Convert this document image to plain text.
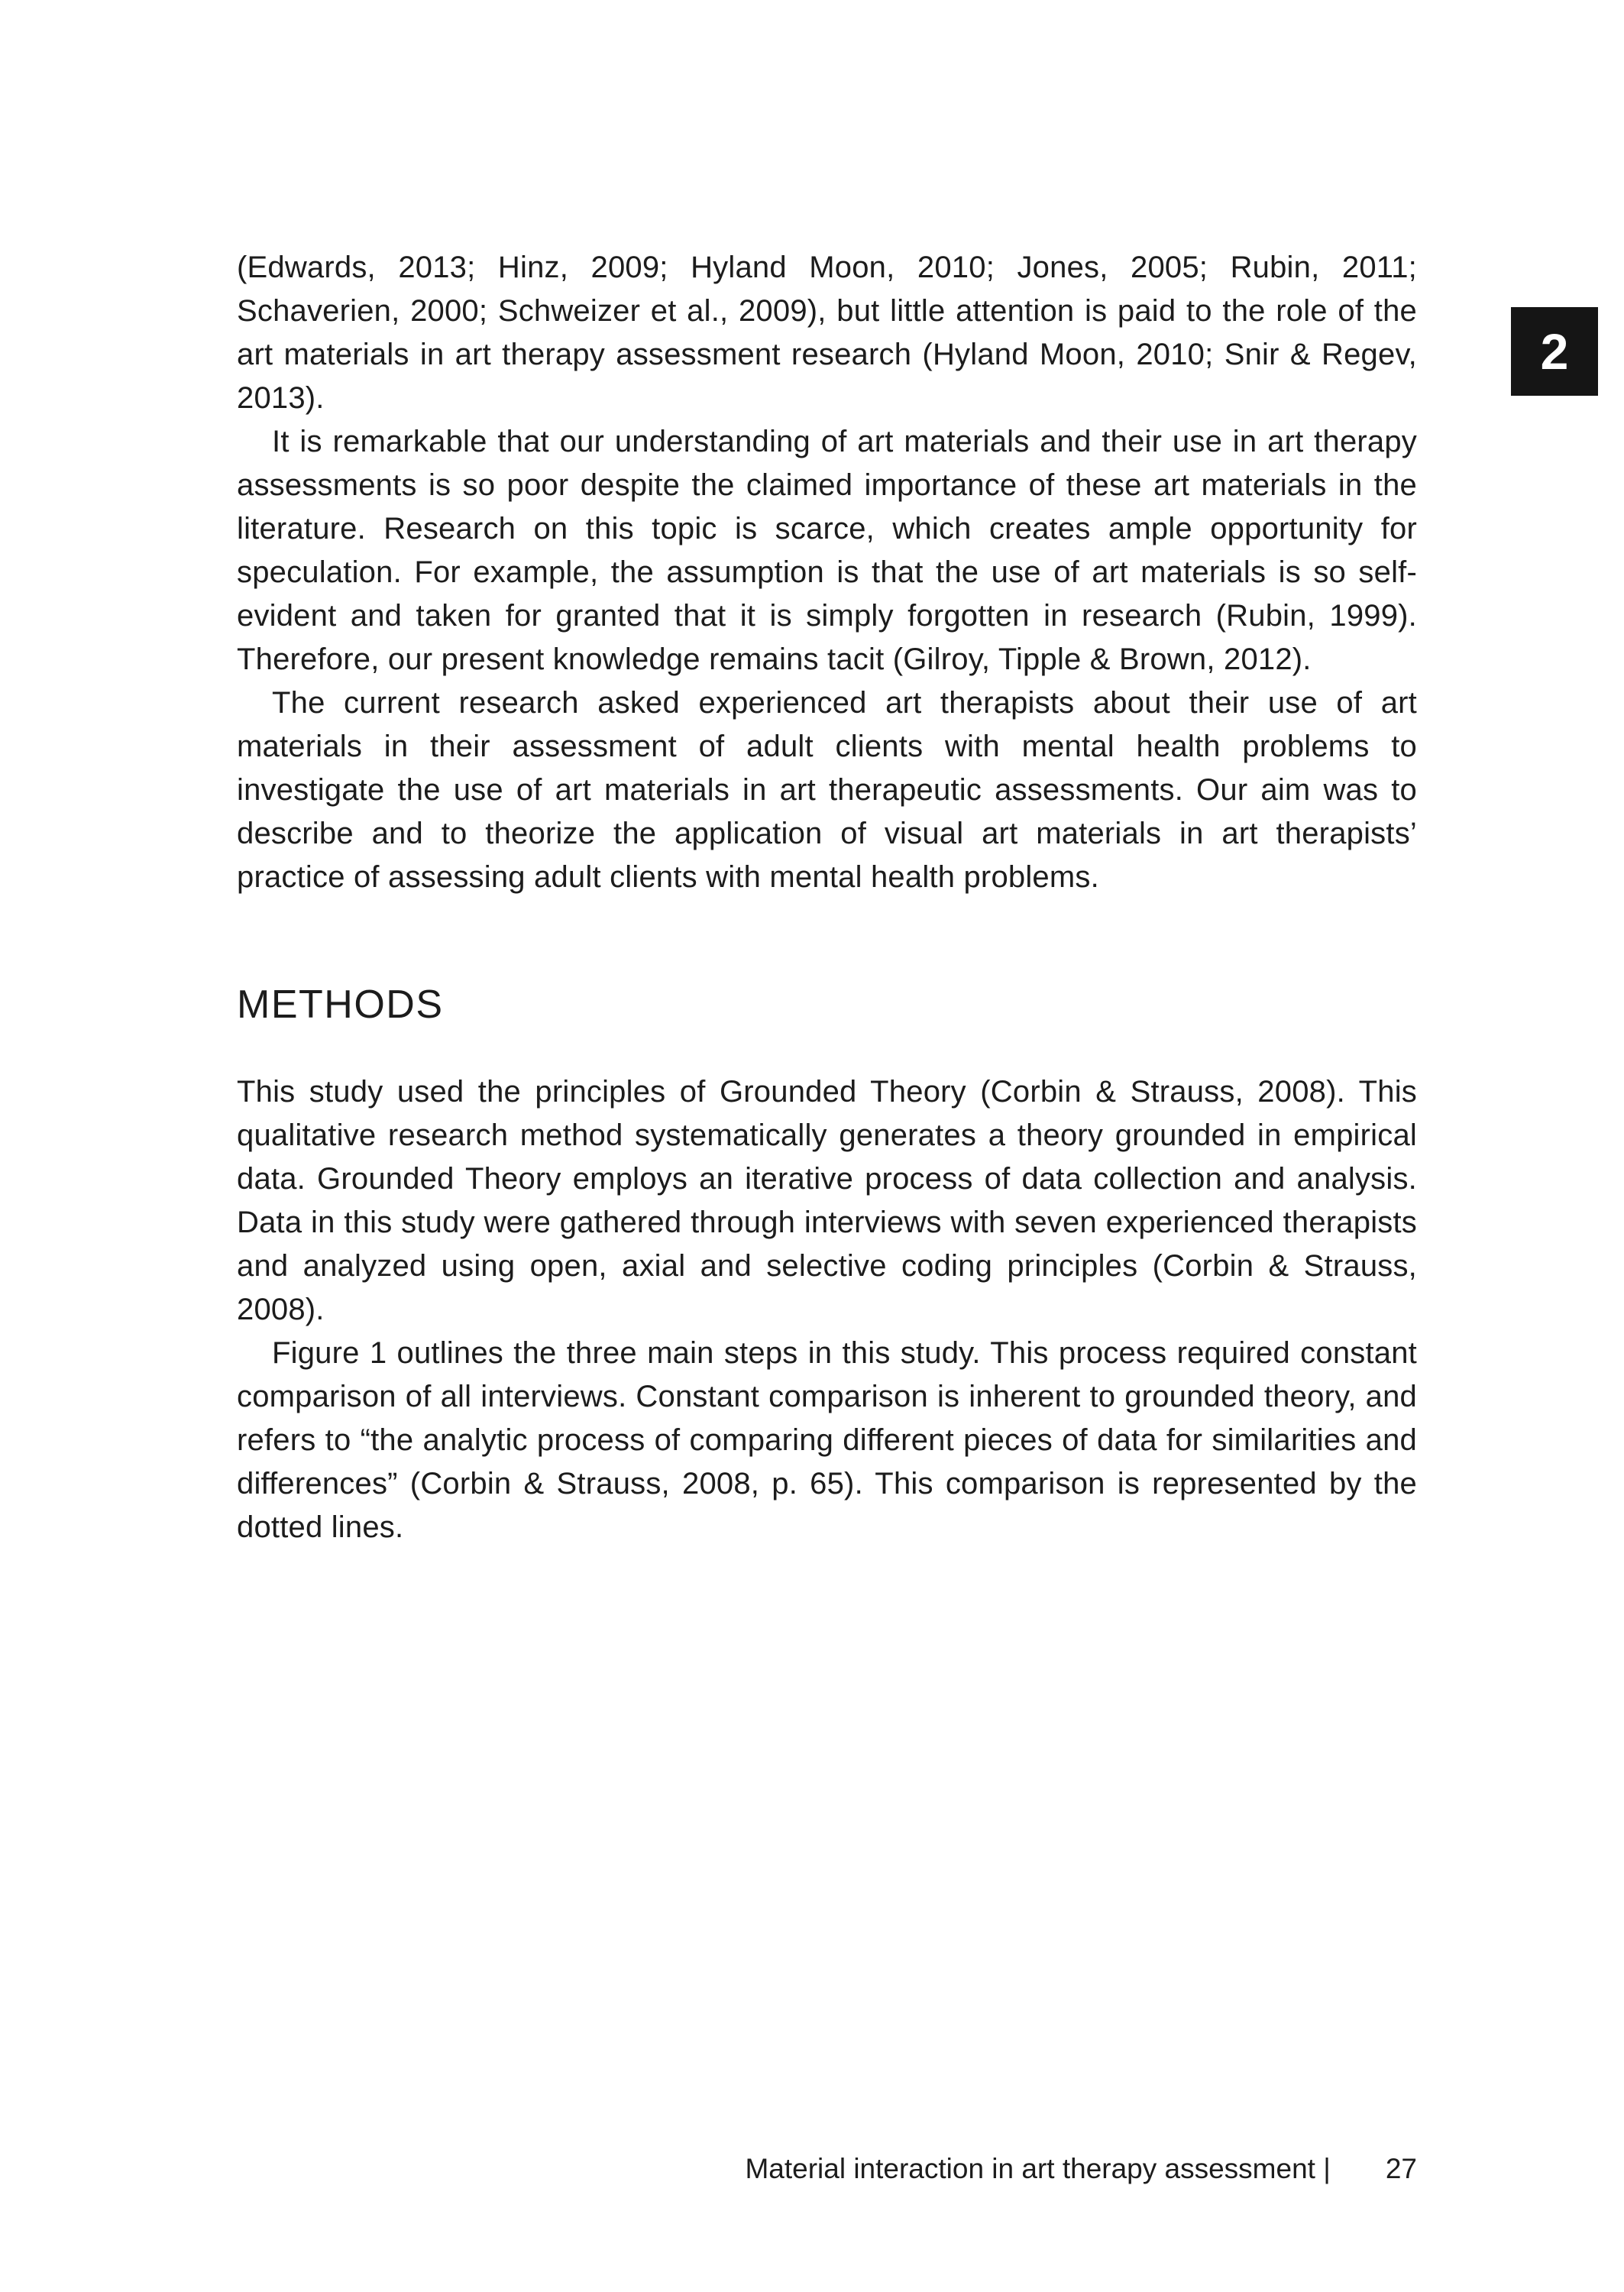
2

(Edwards, 2013; Hinz, 2009; Hyland Moon, 2010; Jones, 2005; Rubin, 2011; Schaverien, 2000; Schweizer et al., 2009), but little attention is paid to the role of the art materials in art therapy assessment research (Hyland Moon, 2010; Snir & Regev, 2013).

It is remarkable that our understanding of art materials and their use in art therapy assessments is so poor despite the claimed importance of these art materials in the literature. Research on this topic is scarce, which creates ample opportunity for speculation. For example, the assumption is that the use of art materials is so self-evident and taken for granted that it is simply forgotten in research (Rubin, 1999). Therefore, our present knowledge remains tacit (Gilroy, Tipple & Brown, 2012).

The current research asked experienced art therapists about their use of art materials in their assessment of adult clients with mental health problems to investigate the use of art materials in art therapeutic assessments. Our aim was to describe and to theorize the application of visual art materials in art therapists’ practice of assessing adult clients with mental health problems.

METHODS

This study used the principles of Grounded Theory (Corbin & Strauss, 2008). This qualitative research method systematically generates a theory grounded in empirical data. Grounded Theory employs an iterative process of data collection and analysis. Data in this study were gathered through interviews with seven experienced therapists and analyzed using open, axial and selective coding principles (Corbin & Strauss, 2008).

Figure 1 outlines the three main steps in this study. This process required constant comparison of all interviews. Constant comparison is inherent to grounded theory, and refers to “the analytic process of comparing different pieces of data for similarities and differences” (Corbin & Strauss, 2008, p. 65). This comparison is represented by the dotted lines.

Material interaction in art therapy assessment | 27
